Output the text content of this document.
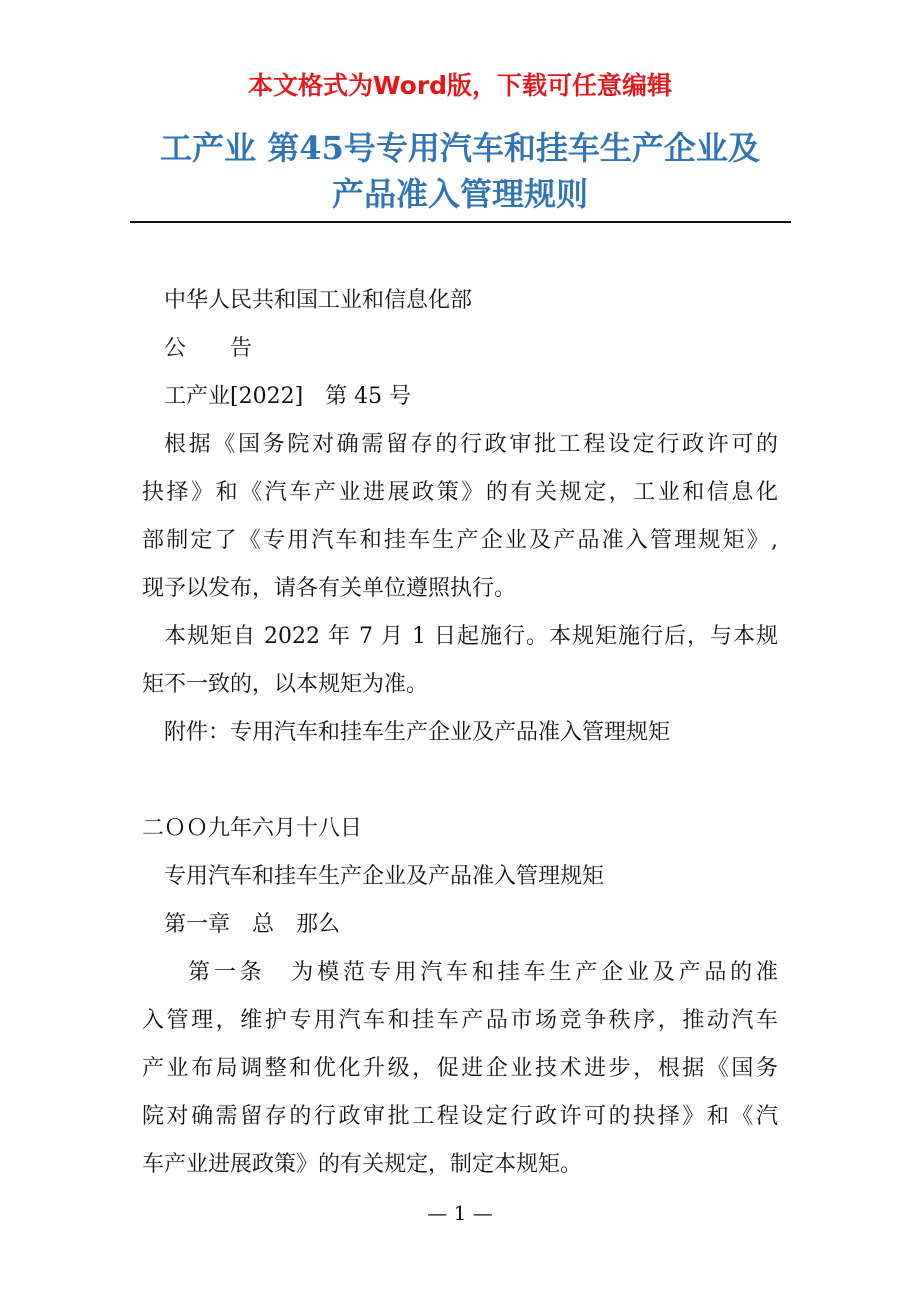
本文格式为Word版，下载可任意编辑
工产业 第45号专用汽车和挂车生产企业及
产品准入管理规则
中华人民共和国工业和信息化部
公　　告
工产业[2022]　第 45 号
根据《国务院对确需留存的行政审批工程设定行政许可的
抉择》和《汽车产业进展政策》的有关规定，工业和信息化
部制定了《专用汽车和挂车生产企业及产品准入管理规矩》,
现予以发布，请各有关单位遵照执行。
本规矩自 2022 年 7 月 1 日起施行。本规矩施行后，与本规
矩不一致的，以本规矩为准。
附件：专用汽车和挂车生产企业及产品准入管理规矩
二ＯＯ九年六月十八日
专用汽车和挂车生产企业及产品准入管理规矩
第一章　总　那么
第一条　为模范专用汽车和挂车生产企业及产品的准
入管理，维护专用汽车和挂车产品市场竞争秩序，推动汽车
产业布局调整和优化升级，促进企业技术进步，根据《国务
院对确需留存的行政审批工程设定行政许可的抉择》和《汽
车产业进展政策》的有关规定，制定本规矩。
— 1 —
